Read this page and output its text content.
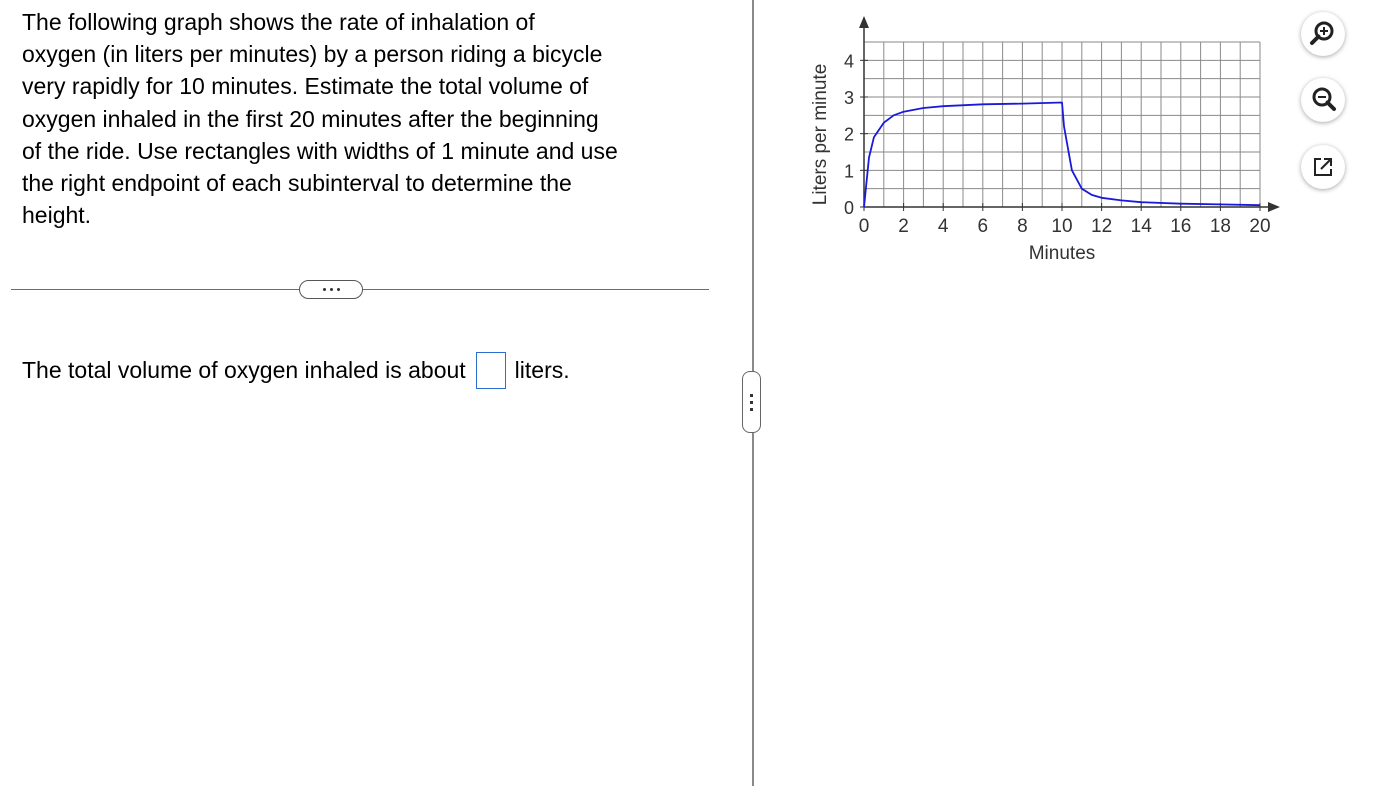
The following graph shows the rate of inhalation of
oxygen (in liters per minutes) by a person riding a bicycle
very rapidly for 10 minutes. Estimate the total volume of
oxygen inhaled in the first 20 minutes after the beginning
of the ride. Use rectangles with widths of 1 minute and use
the right endpoint of each subinterval to determine the
height.
The total volume of oxygen inhaled is about liters.
0 2 4 6 8 10 12 14 16 18 20
0
1
2
3
4
Minutes
Liters per minute
